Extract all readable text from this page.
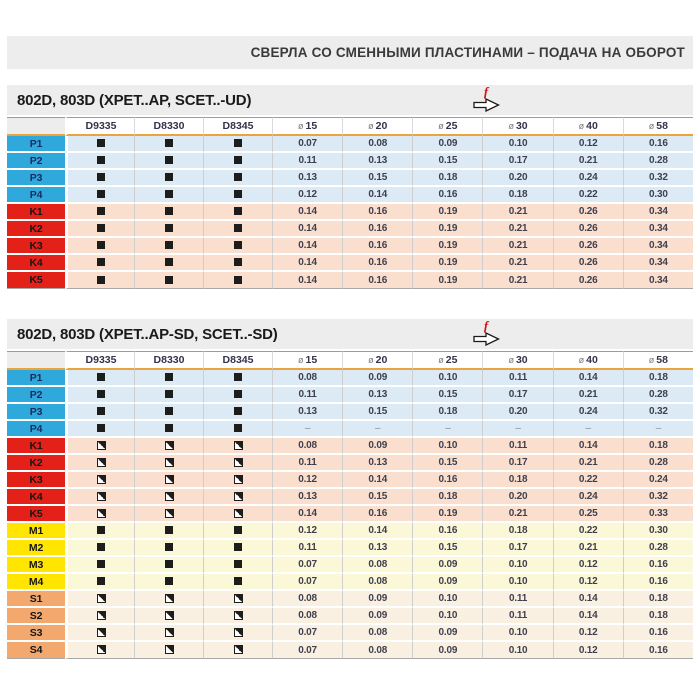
СВЕРЛА СО СМЕННЫМИ ПЛАСТИНАМИ – ПОДАЧА НА ОБОРОТ
802D, 803D (XPET..AP, SCET..-UD)	f
	D9335	D8330	D8345	ø 15	ø 20	ø 25	ø 30	ø 40	ø 58
P1				0.07	0.08	0.09	0.10	0.12	0.16
P2				0.11	0.13	0.15	0.17	0.21	0.28
P3				0.13	0.15	0.18	0.20	0.24	0.32
P4				0.12	0.14	0.16	0.18	0.22	0.30
K1				0.14	0.16	0.19	0.21	0.26	0.34
K2				0.14	0.16	0.19	0.21	0.26	0.34
K3				0.14	0.16	0.19	0.21	0.26	0.34
K4				0.14	0.16	0.19	0.21	0.26	0.34
K5				0.14	0.16	0.19	0.21	0.26	0.34
802D, 803D (XPET..AP-SD, SCET..-SD)	f
	D9335	D8330	D8345	ø 15	ø 20	ø 25	ø 30	ø 40	ø 58
P1				0.08	0.09	0.10	0.11	0.14	0.18
P2				0.11	0.13	0.15	0.17	0.21	0.28
P3				0.13	0.15	0.18	0.20	0.24	0.32
P4				–	–	–	–	–	–
K1				0.08	0.09	0.10	0.11	0.14	0.18
K2				0.11	0.13	0.15	0.17	0.21	0.28
K3				0.12	0.14	0.16	0.18	0.22	0.24
K4				0.13	0.15	0.18	0.20	0.24	0.32
K5				0.14	0.16	0.19	0.21	0.25	0.33
M1				0.12	0.14	0.16	0.18	0.22	0.30
M2				0.11	0.13	0.15	0.17	0.21	0.28
M3				0.07	0.08	0.09	0.10	0.12	0.16
M4				0.07	0.08	0.09	0.10	0.12	0.16
S1				0.08	0.09	0.10	0.11	0.14	0.18
S2				0.08	0.09	0.10	0.11	0.14	0.18
S3				0.07	0.08	0.09	0.10	0.12	0.16
S4				0.07	0.08	0.09	0.10	0.12	0.16
